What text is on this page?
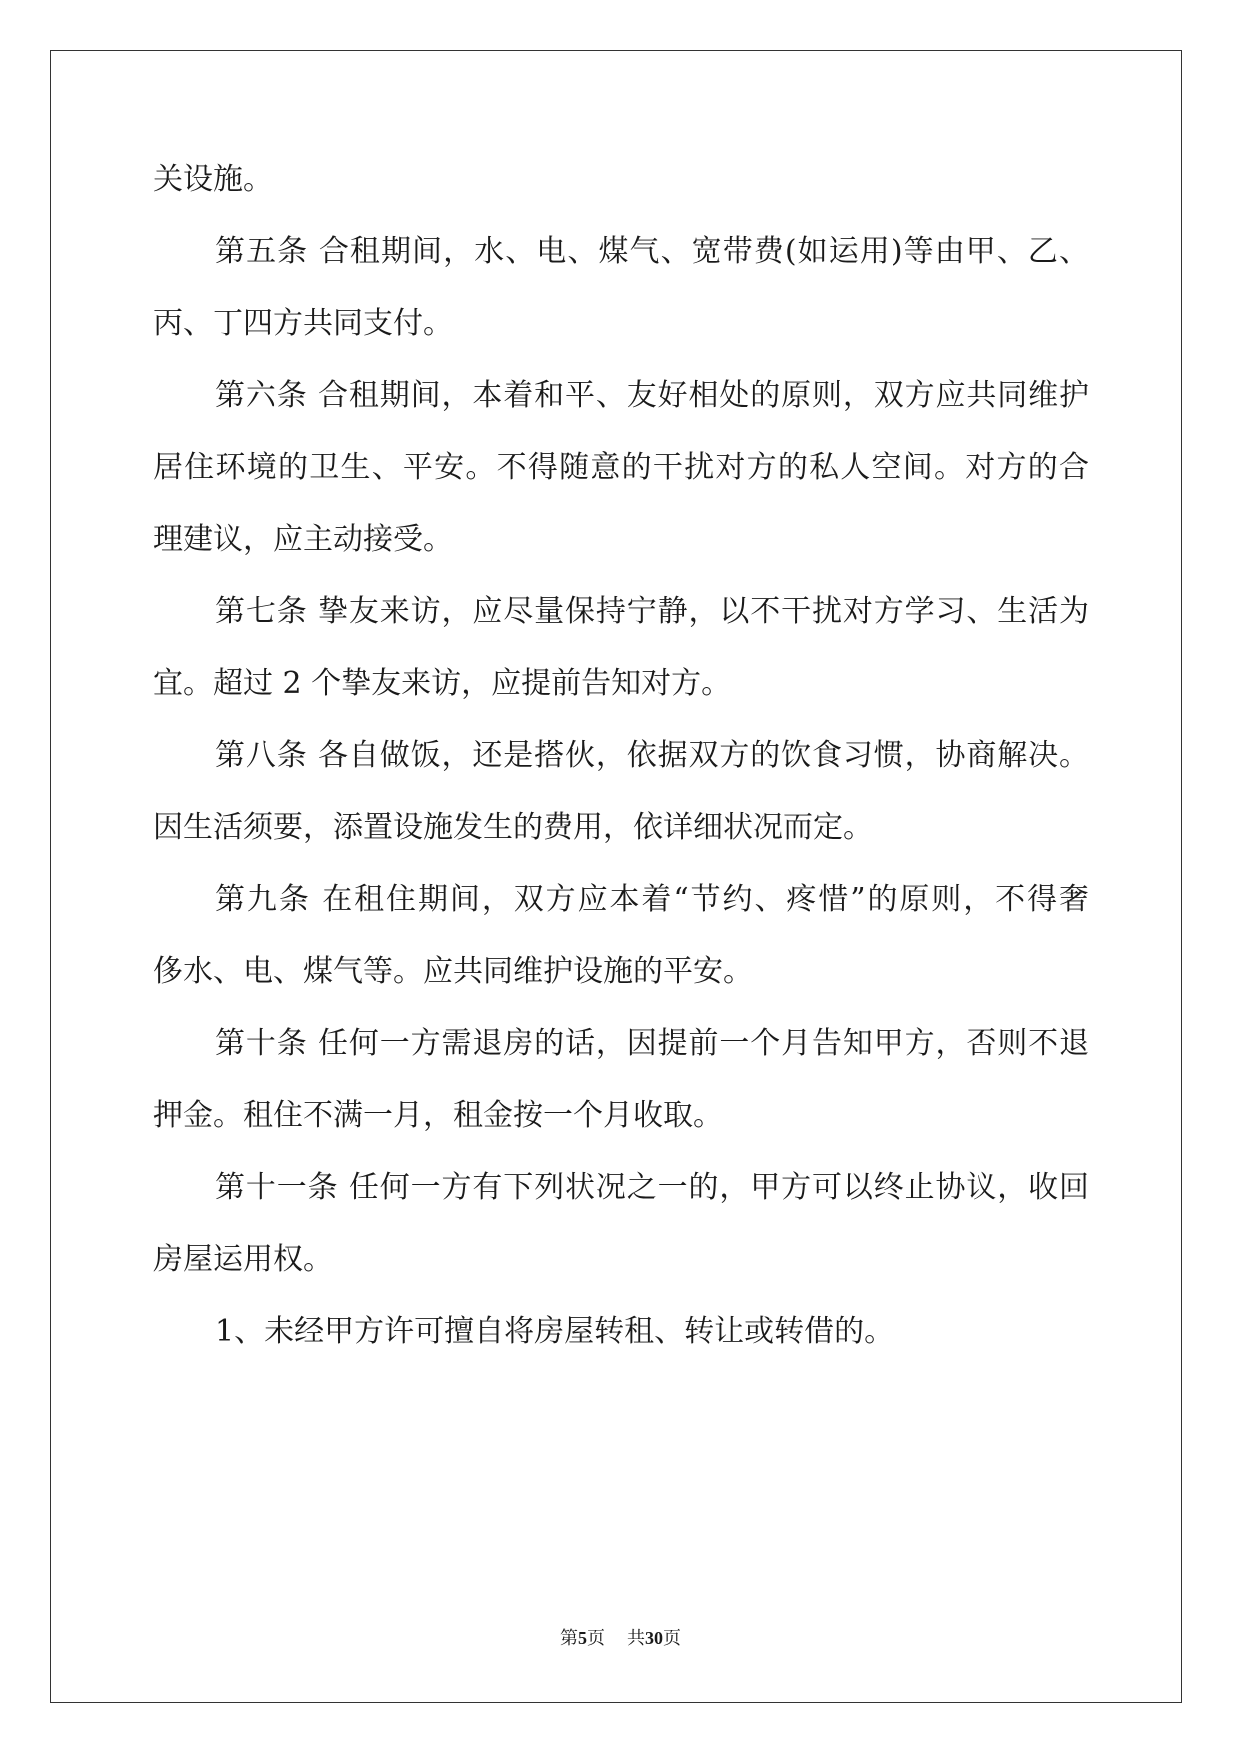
关设施。
第五条 合租期间，水、电、煤气、宽带费(如运用)等由甲、乙、
丙、丁四方共同支付。
第六条 合租期间，本着和平、友好相处的原则，双方应共同维护
居住环境的卫生、平安。不得随意的干扰对方的私人空间。对方的合
理建议，应主动接受。
第七条 挚友来访，应尽量保持宁静，以不干扰对方学习、生活为
宜。超过 2 个挚友来访，应提前告知对方。
第八条 各自做饭，还是搭伙，依据双方的饮食习惯，协商解决。
因生活须要，添置设施发生的费用，依详细状况而定。
第九条 在租住期间，双方应本着“节约、疼惜”的原则，不得奢
侈水、电、煤气等。应共同维护设施的平安。
第十条 任何一方需退房的话，因提前一个月告知甲方，否则不退
押金。租住不满一月，租金按一个月收取。
第十一条 任何一方有下列状况之一的，甲方可以终止协议，收回
房屋运用权。
1、未经甲方许可擅自将房屋转租、转让或转借的。
第5页 共30页
